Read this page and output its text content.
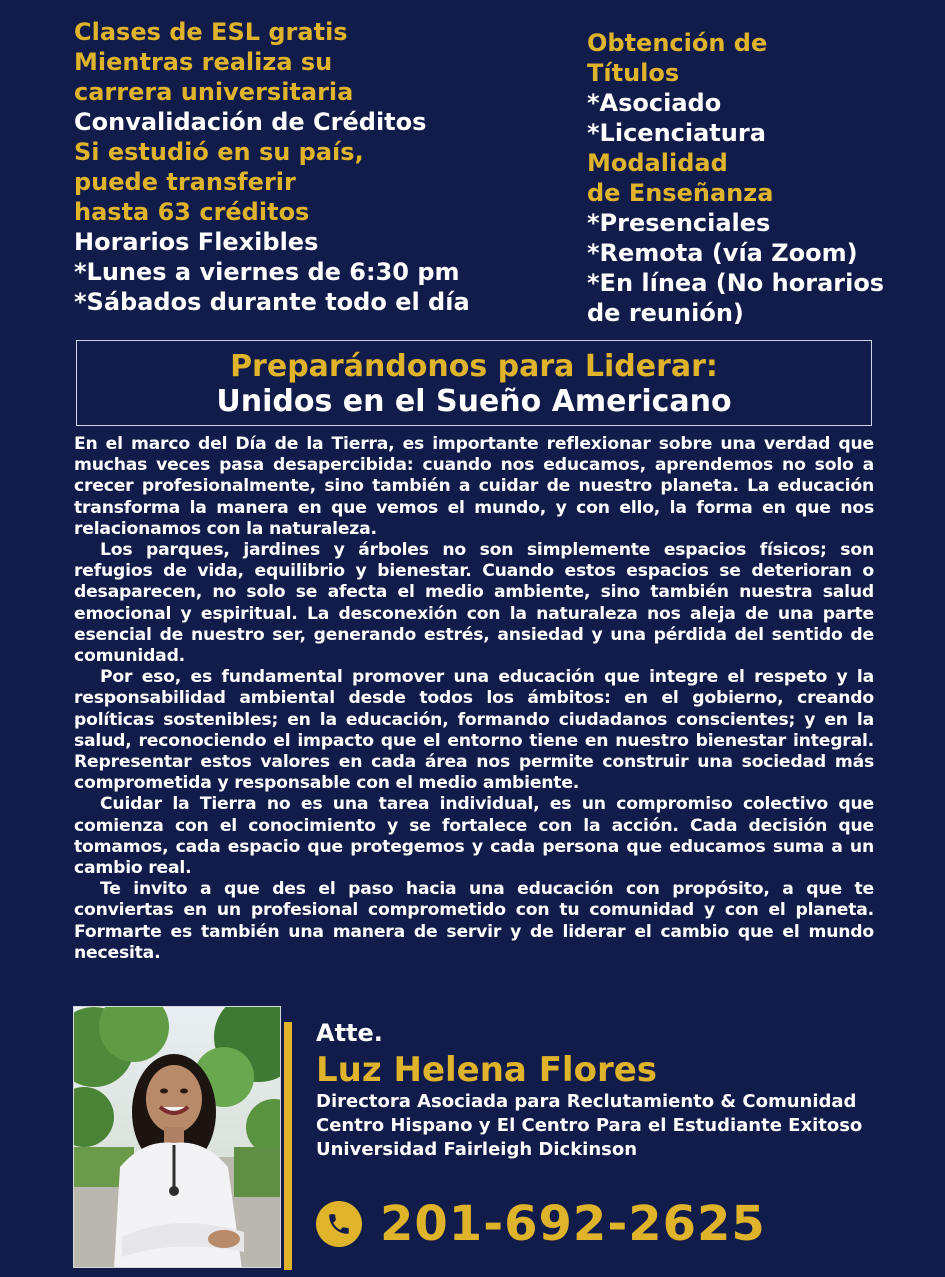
Clases de ESL gratis
Mientras realiza su
carrera universitaria
Convalidación de Créditos
Si estudió en su país,
puede transferir
hasta 63 créditos
Horarios Flexibles
*Lunes a viernes de 6:30 pm
*Sábados durante todo el día
Obtención de
Títulos
*Asociado
*Licenciatura
Modalidad
de Enseñanza
*Presenciales
*Remota (vía Zoom)
*En línea (No horarios
de reunión)
Preparándonos para Liderar:
Unidos en el Sueño Americano

En el marco del Día de la Tierra, es importante reflexionar sobre una verdad que muchas veces pasa desapercibida: cuando nos educamos, aprendemos no solo a crecer profesionalmente, sino también a cuidar de nuestro planeta. La educación transforma la manera en que vemos el mundo, y con ello, la forma en que nos relacionamos con la naturaleza.

Los parques, jardines y árboles no son simplemente espacios físicos; son refugios de vida, equilibrio y bienestar. Cuando estos espacios se deterioran o desaparecen, no solo se afecta el medio ambiente, sino también nuestra salud emocional y espiritual. La desconexión con la naturaleza nos aleja de una parte esencial de nuestro ser, generando estrés, ansiedad y una pérdida del sentido de comunidad.

Por eso, es fundamental promover una educación que integre el respeto y la responsabilidad ambiental desde todos los ámbitos: en el gobierno, creando políticas sostenibles; en la educación, formando ciudadanos conscientes; y en la salud, reconociendo el impacto que el entorno tiene en nuestro bienestar integral. Representar estos valores en cada área nos permite construir una sociedad más comprometida y responsable con el medio ambiente.

Cuidar la Tierra no es una tarea individual, es un compromiso colectivo que comienza con el conocimiento y se fortalece con la acción. Cada decisión que tomamos, cada espacio que protegemos y cada persona que educamos suma a un cambio real.

Te invito a que des el paso hacia una educación con propósito, a que te conviertas en un profesional comprometido con tu comunidad y con el planeta. Formarte es también una manera de servir y de liderar el cambio que el mundo necesita.

Atte.
Luz Helena Flores
Directora Asociada para Reclutamiento & Comunidad
Centro Hispano y El Centro Para el Estudiante Exitoso
Universidad Fairleigh Dickinson
201-692-2625
